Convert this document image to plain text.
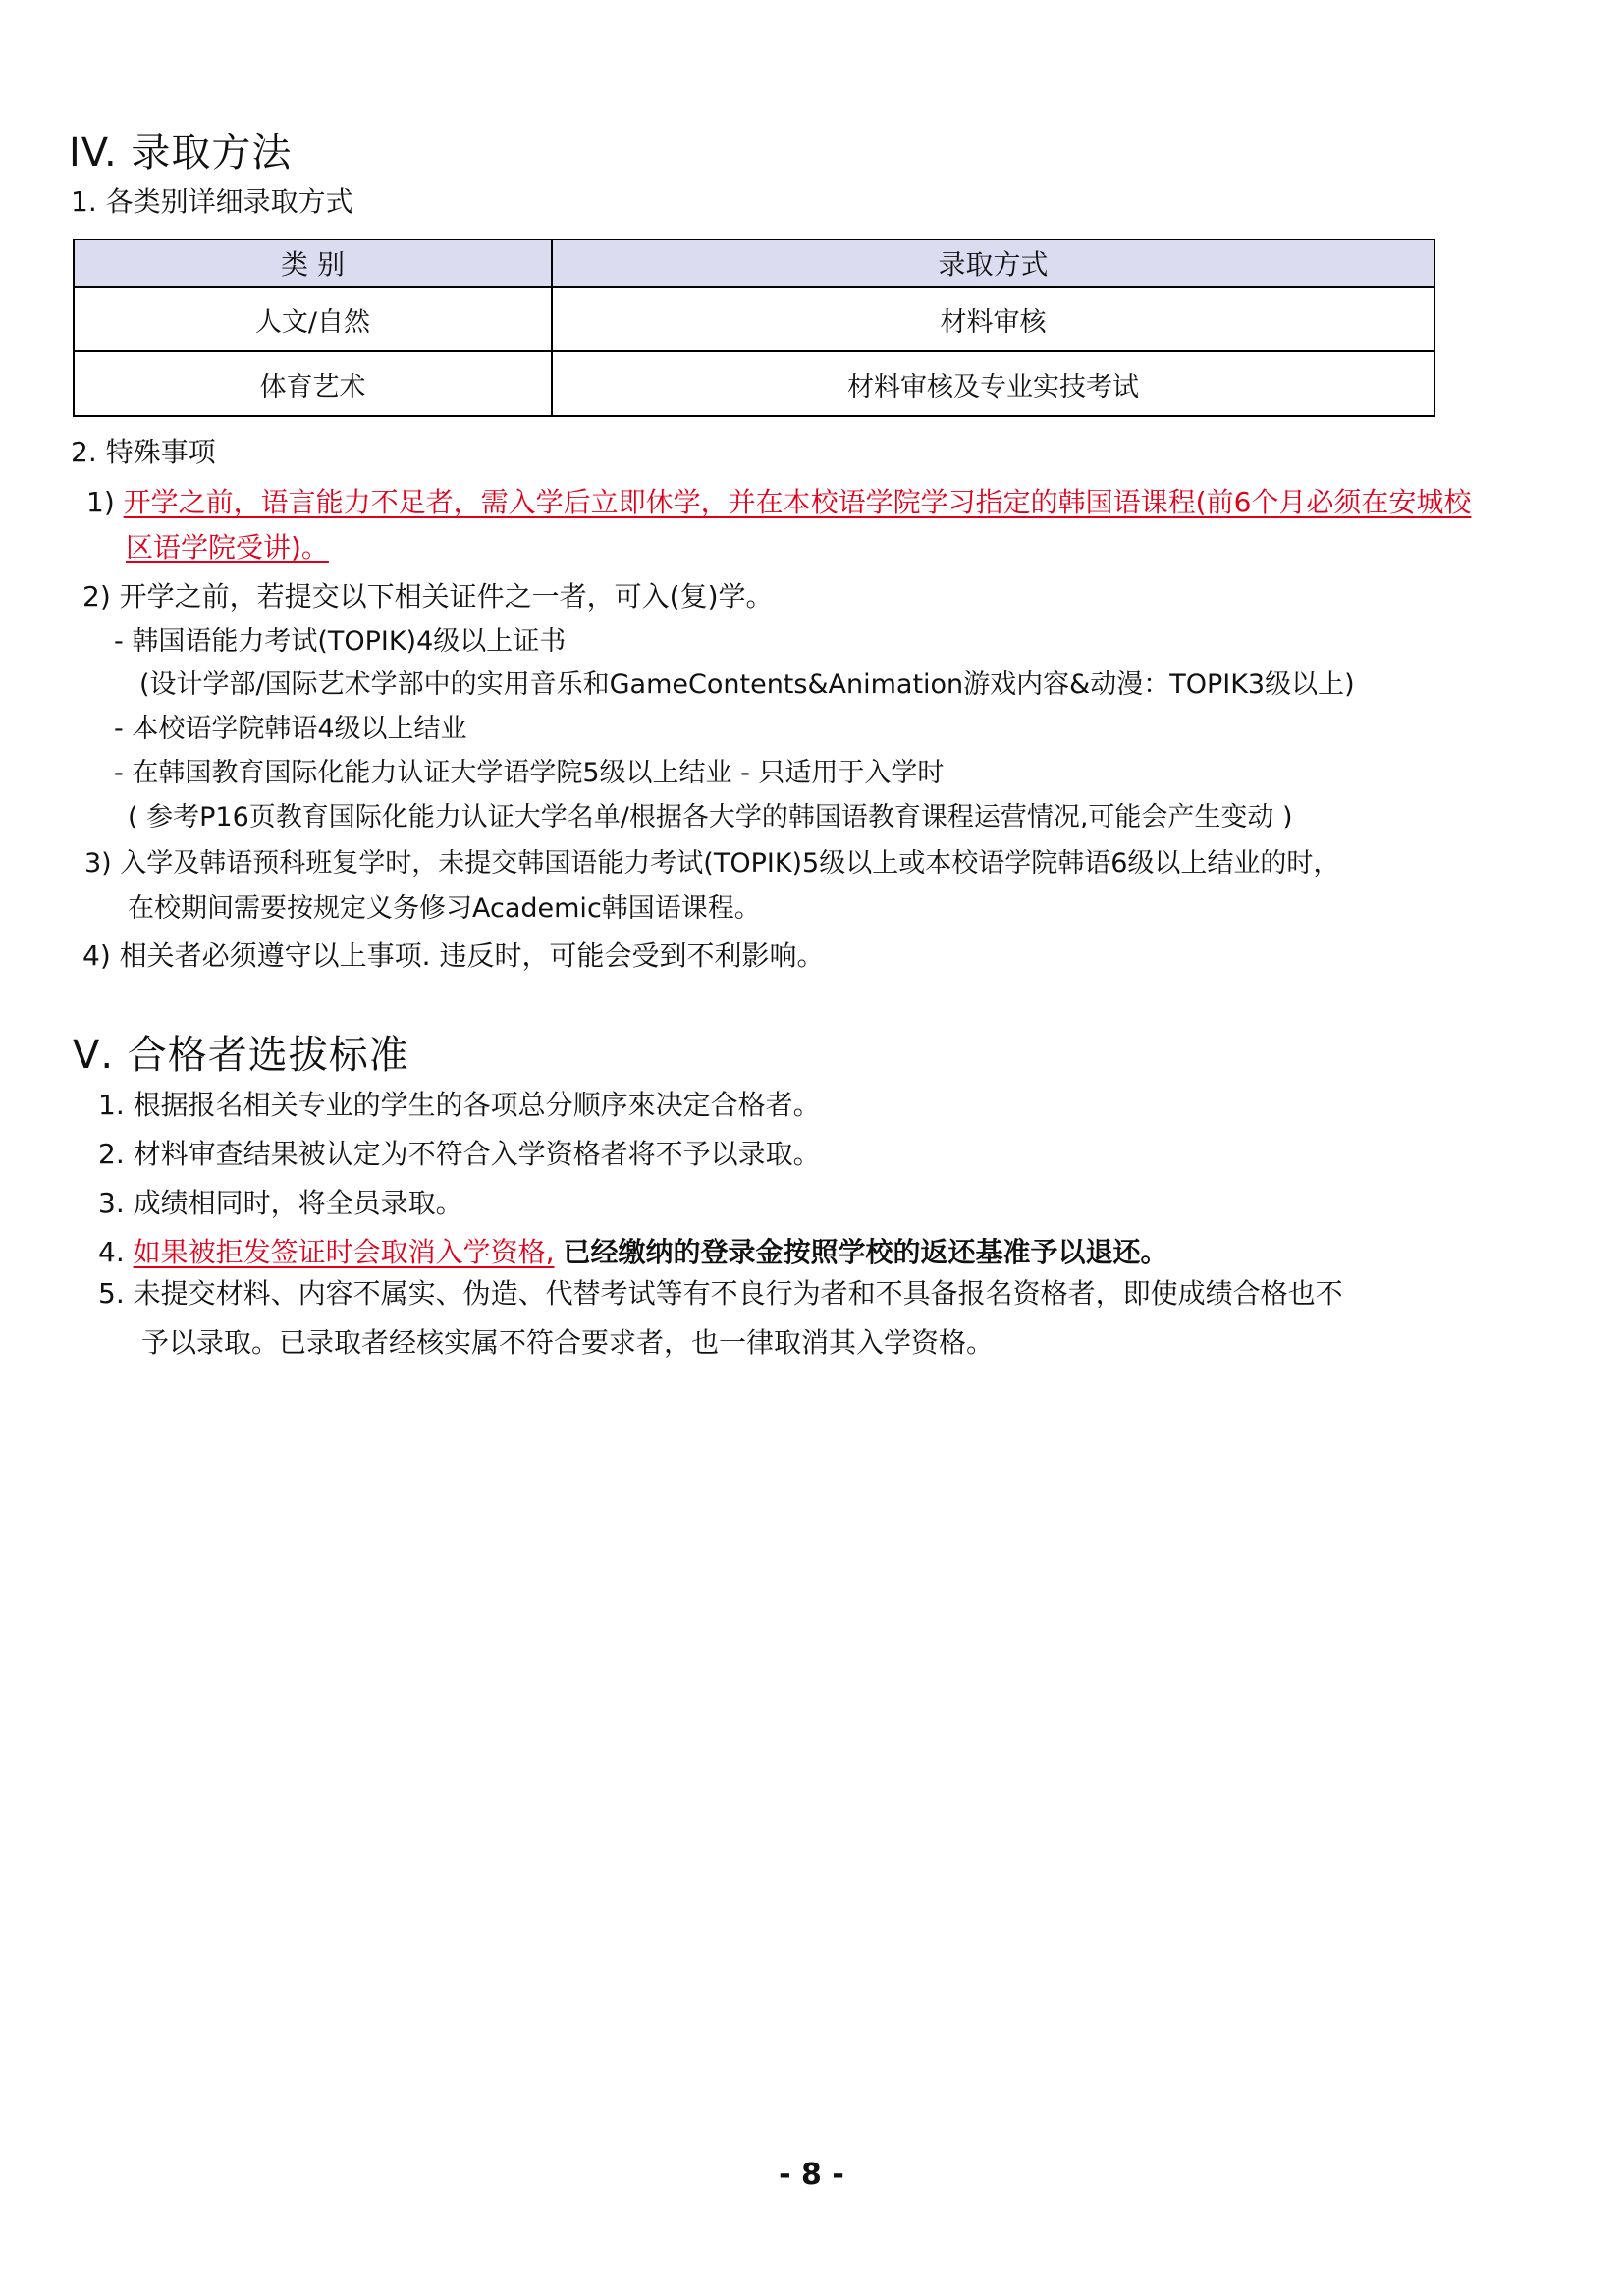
IV. 录取方法
1. 各类别详细录取方式
类 别	录取方式
人文/自然	材料审核
体育艺术	材料审核及专业实技考试
2. 特殊事项
1) 开学之前，语言能力不足者，需入学后立即休学，并在本校语学院学习指定的韩国语课程(前6个月必须在安城校
区语学院受讲)。
2) 开学之前，若提交以下相关证件之一者，可入(复)学。
- 韩国语能力考试(TOPIK)4级以上证书
(设计学部/国际艺术学部中的实用音乐和GameContents&Animation游戏内容&动漫：TOPIK3级以上)
- 本校语学院韩语4级以上结业
- 在韩国教育国际化能力认证大学语学院5级以上结业 - 只适用于入学时
( 参考P16页教育国际化能力认证大学名单/根据各大学的韩国语教育课程运营情况,可能会产生变动 )
3) 入学及韩语预科班复学时，未提交韩国语能力考试(TOPIK)5级以上或本校语学院韩语6级以上结业的时，
在校期间需要按规定义务修习Academic韩国语课程。
4) 相关者必须遵守以上事项. 违反时，可能会受到不利影响。
Ⅴ. 合格者选拔标准
1. 根据报名相关专业的学生的各项总分顺序來决定合格者。
2. 材料审查结果被认定为不符合入学资格者将不予以录取。
3. 成绩相同时，将全员录取。
4. 如果被拒发签证时会取消入学资格, 已经缴纳的登录金按照学校的返还基准予以退还。
5. 未提交材料、内容不属实、伪造、代替考试等有不良行为者和不具备报名资格者，即使成绩合格也不
予以录取。已录取者经核实属不符合要求者，也一律取消其入学资格。
- 8 -
